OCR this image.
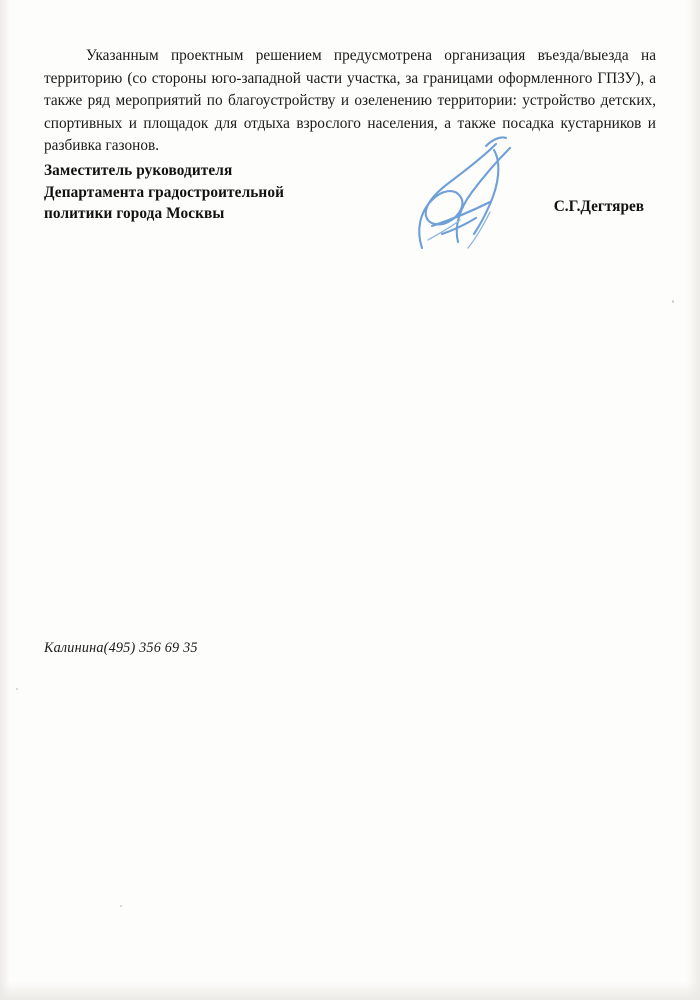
Указанным проектным решением предусмотрена организация въезда/выезда на территорию (со стороны юго-западной части участка, за границами оформленного ГПЗУ), а также ряд мероприятий по благоустройству и озеленению территории: устройство детских, спортивных и площадок для отдыха взрослого населения, а также посадка кустарников и разбивка газонов.

Заместитель руководителя
Департамента градостроительной
политики города Москвы	С.Г.Дегтярев
Калинина(495) 356 69 35
